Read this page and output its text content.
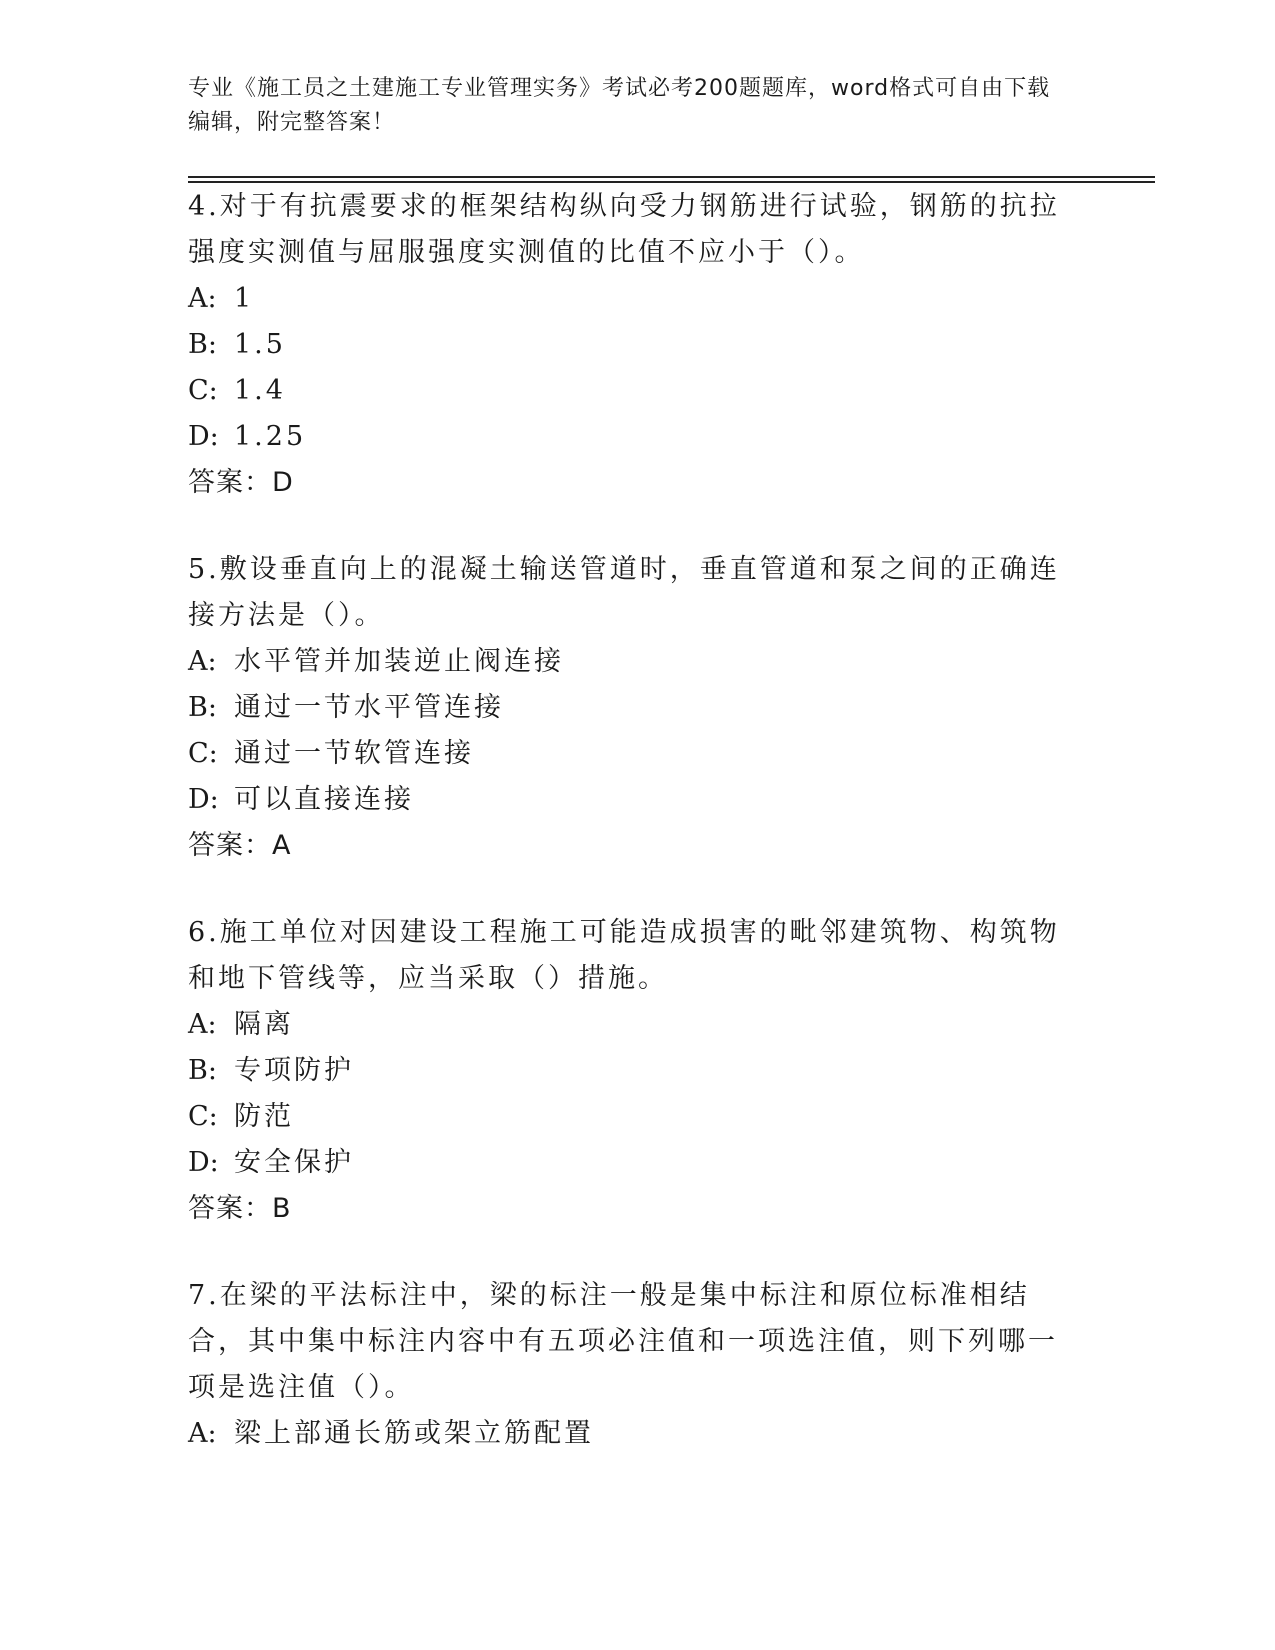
专业《施工员之土建施工专业管理实务》考试必考200题题库，word格式可自由下载编辑，附完整答案！

4.对于有抗震要求的框架结构纵向受力钢筋进行试验，钢筋的抗拉强度实测值与屈服强度实测值的比值不应小于（）。

A: 1

B: 1.5

C: 1.4

D: 1.25

答案：D

5.敷设垂直向上的混凝土输送管道时，垂直管道和泵之间的正确连接方法是（）。

A: 水平管并加装逆止阀连接

B: 通过一节水平管连接

C: 通过一节软管连接

D: 可以直接连接

答案：A

6.施工单位对因建设工程施工可能造成损害的毗邻建筑物、构筑物和地下管线等，应当采取（）措施。

A: 隔离

B: 专项防护

C: 防范

D: 安全保护

答案：B

7.在梁的平法标注中，梁的标注一般是集中标注和原位标准相结合，其中集中标注内容中有五项必注值和一项选注值，则下列哪一项是选注值（）。

A: 梁上部通长筋或架立筋配置
